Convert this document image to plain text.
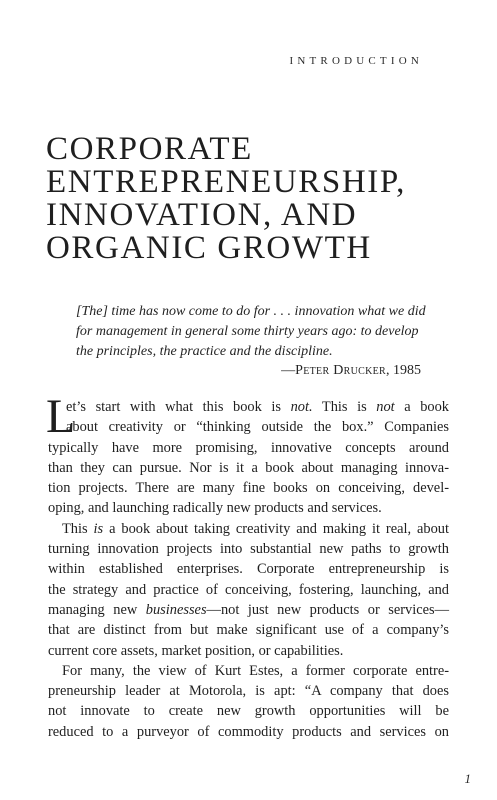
INTRODUCTION
CORPORATE
ENTREPRENEURSHIP,
INNOVATION, AND
ORGANIC GROWTH
[The] time has now come to do for . . . innovation what we did
for management in general some thirty years ago: to develop
the principles, the practice and the discipline.
—Peter Drucker, 1985
L
et’s start with what this book is not. This is not a book
about creativity or “thinking outside the box.” Companies
typically have more promising, innovative concepts around
than they can pursue. Nor is it a book about managing innova-
tion projects. There are many fine books on conceiving, devel-
oping, and launching radically new products and services.
This is a book about taking creativity and making it real, about
turning innovation projects into substantial new paths to growth
within established enterprises. Corporate entrepreneurship is
the strategy and practice of conceiving, fostering, launching, and
managing new businesses—not just new products or services—
that are distinct from but make significant use of a company’s
current core assets, market position, or capabilities.
For many, the view of Kurt Estes, a former corporate entre-
preneurship leader at Motorola, is apt: “A company that does
not innovate to create new growth opportunities will be
reduced to a purveyor of commodity products and services on
1
